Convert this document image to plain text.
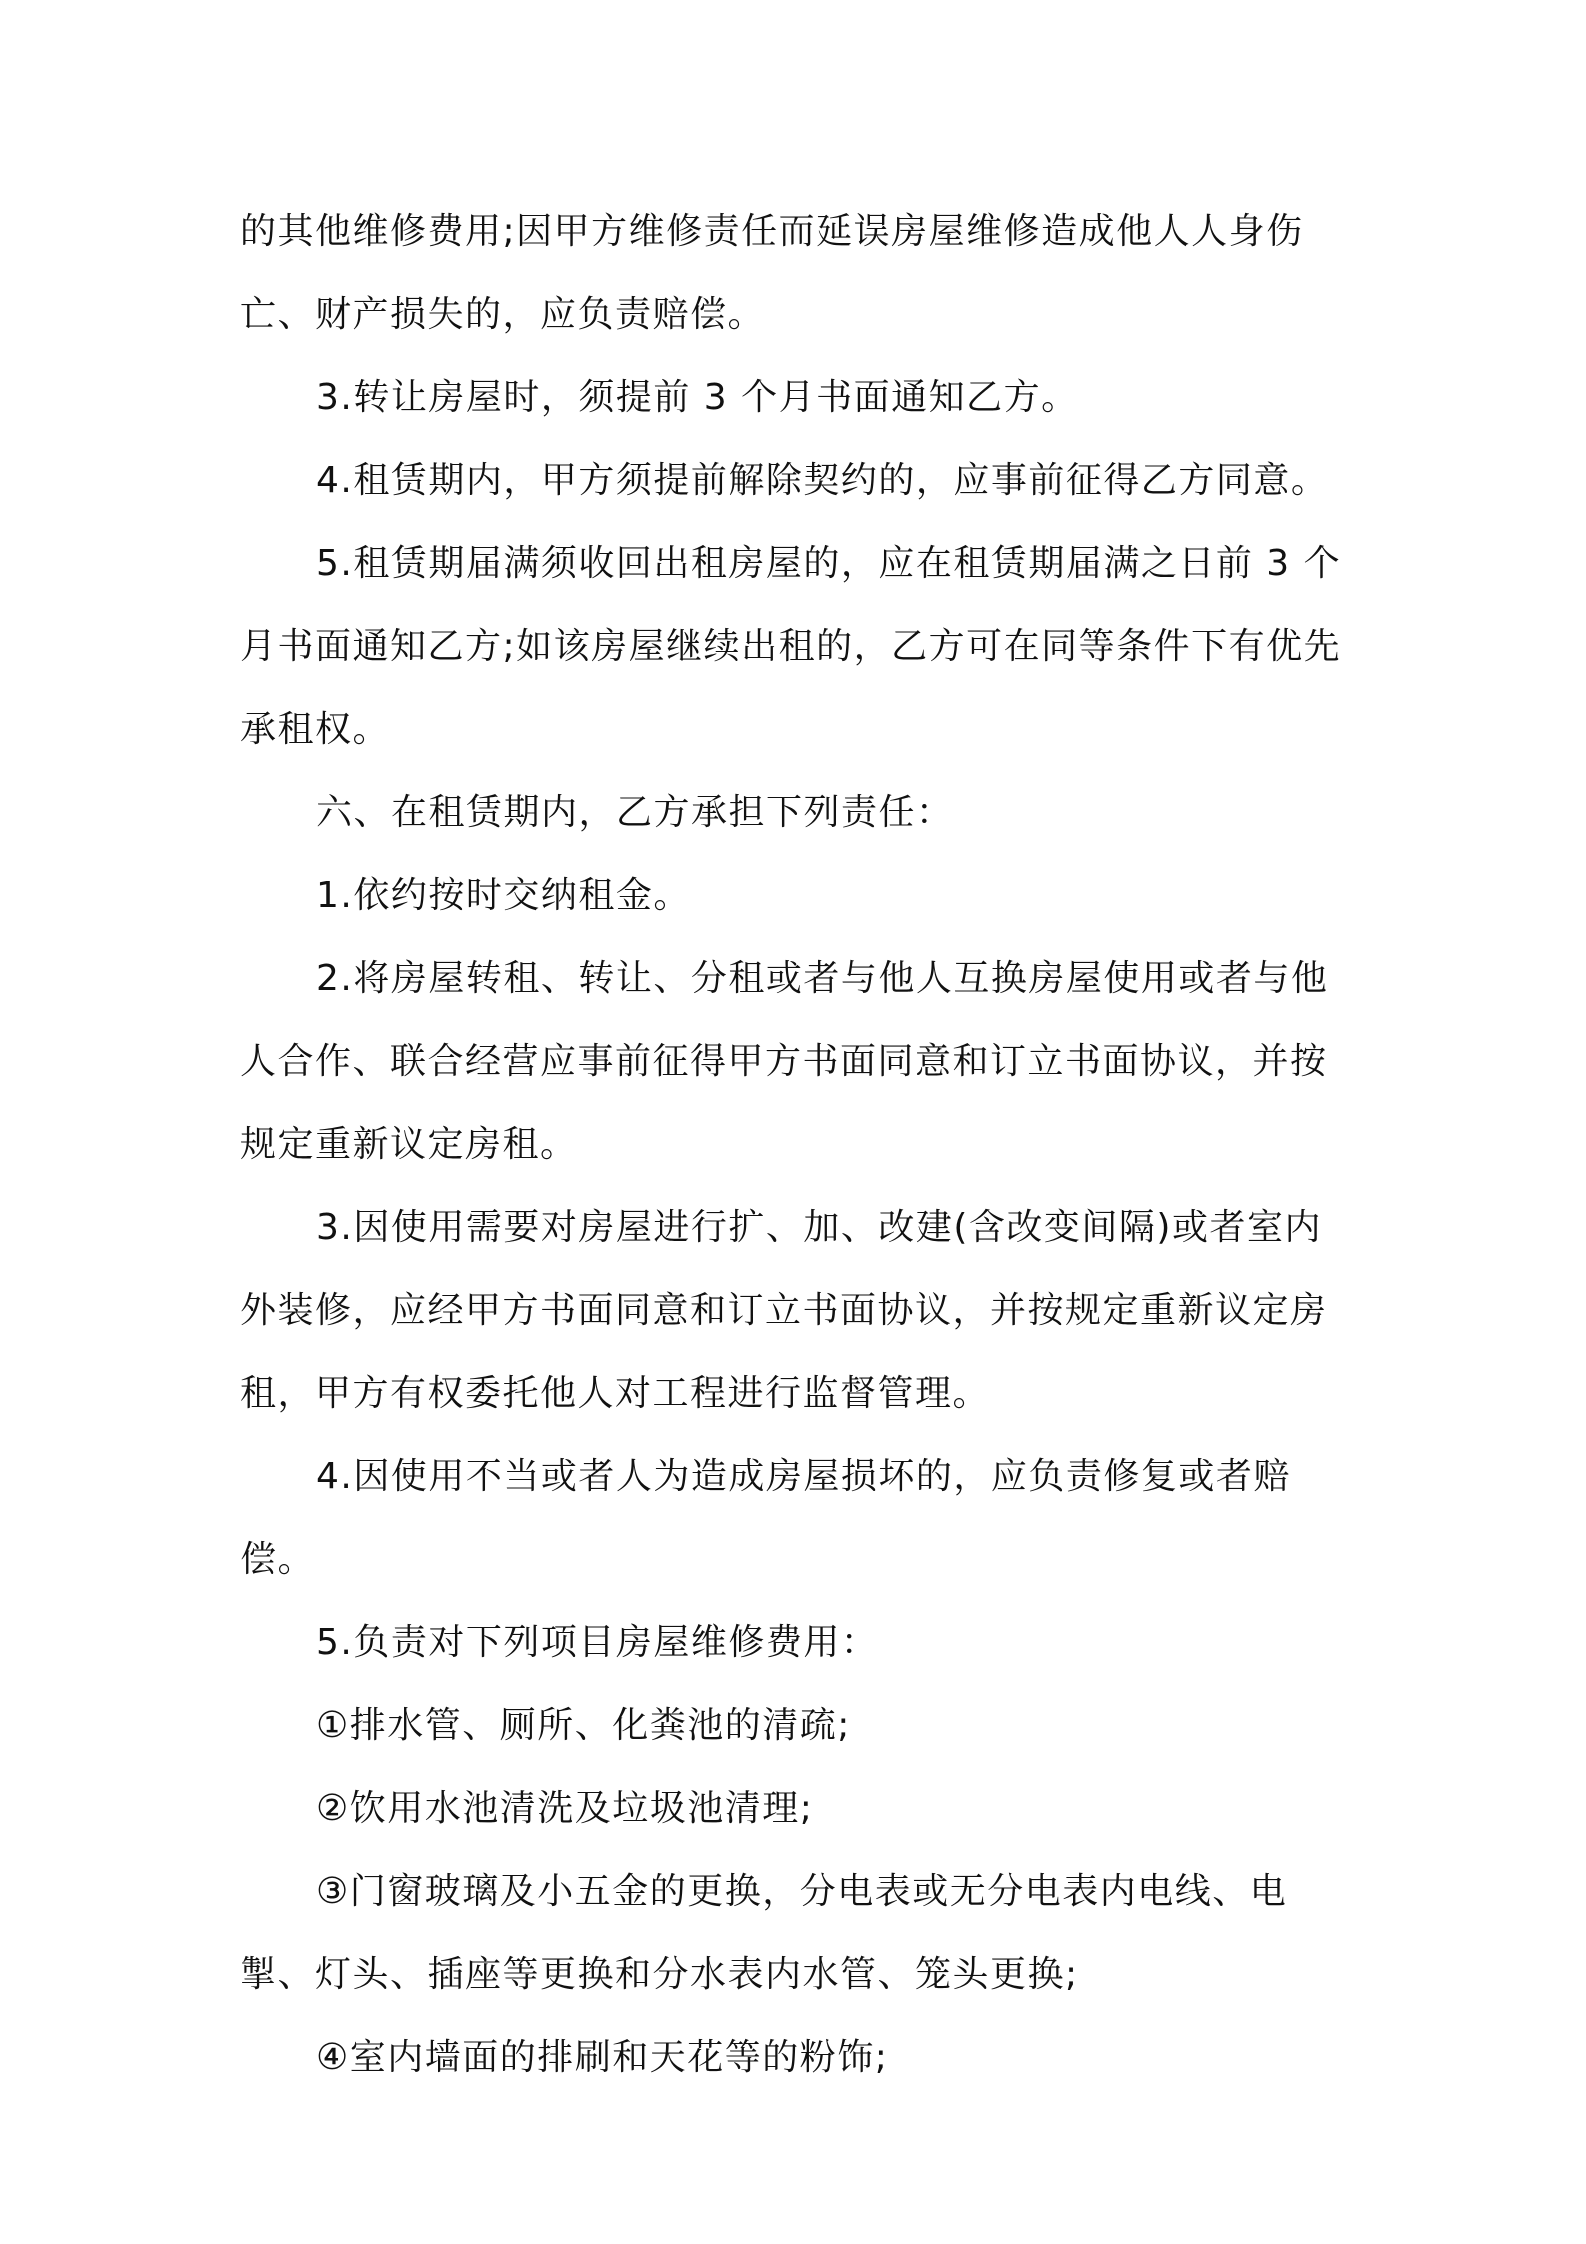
的其他维修费用;因甲方维修责任而延误房屋维修造成他人人身伤亡、财产损失的，应负责赔偿。

3.转让房屋时，须提前 3 个月书面通知乙方。

4.租赁期内，甲方须提前解除契约的，应事前征得乙方同意。

5.租赁期届满须收回出租房屋的，应在租赁期届满之日前 3 个月书面通知乙方;如该房屋继续出租的，乙方可在同等条件下有优先承租权。

六、在租赁期内，乙方承担下列责任：

1.依约按时交纳租金。

2.将房屋转租、转让、分租或者与他人互换房屋使用或者与他人合作、联合经营应事前征得甲方书面同意和订立书面协议，并按规定重新议定房租。

3.因使用需要对房屋进行扩、加、改建(含改变间隔)或者室内外装修，应经甲方书面同意和订立书面协议，并按规定重新议定房租，甲方有权委托他人对工程进行监督管理。

4.因使用不当或者人为造成房屋损坏的，应负责修复或者赔偿。

5.负责对下列项目房屋维修费用：

①排水管、厕所、化粪池的清疏;

②饮用水池清洗及垃圾池清理;

③门窗玻璃及小五金的更换，分电表或无分电表内电线、电掣、灯头、插座等更换和分水表内水管、笼头更换;

④室内墙面的排刷和天花等的粉饰;
